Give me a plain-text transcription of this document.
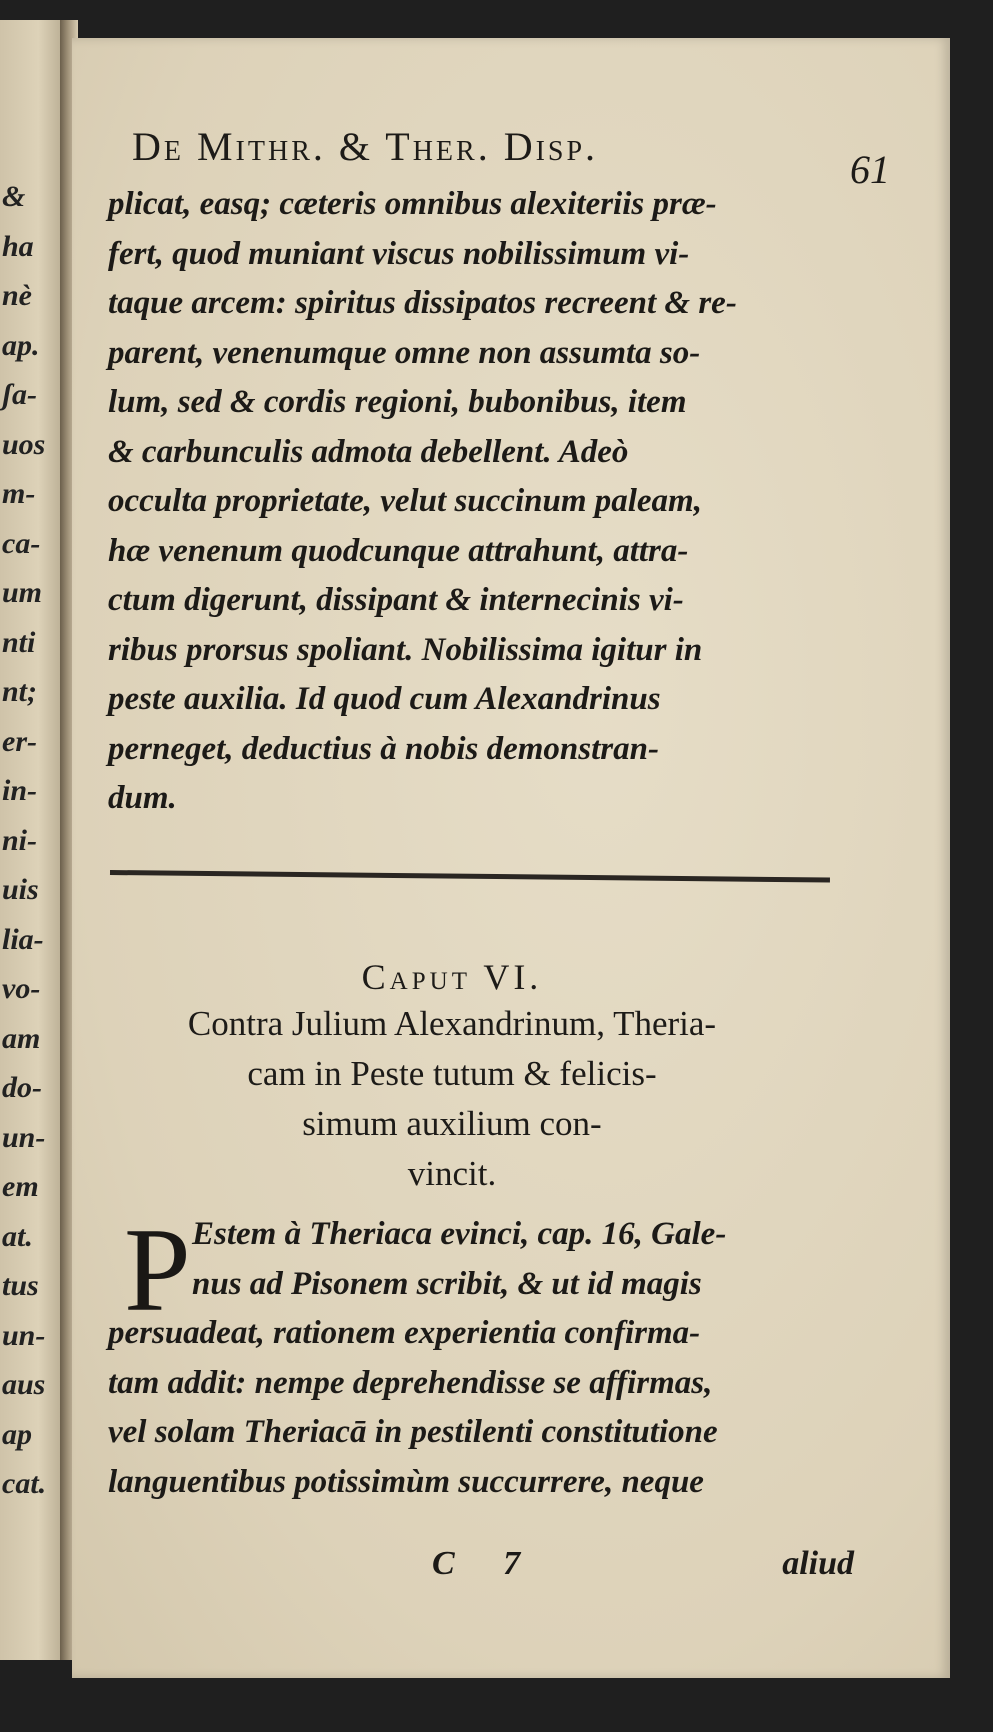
&
ha
nè
ap.
ʃa-
uos
m-
ca-
um
nti
nt;
er-
in-
ni-
uis
lia-
vo-
am
do-
un-
em
at.
tus
un-
aus
ap
cat.
De Mithr. & Ther. Disp.
61
plicat, easq; cæteris omnibus alexiteriis præ-
fert, quod muniant viscus nobilissimum vi-
taque arcem: spiritus dissipatos recreent & re-
parent, venenumque omne non assumta so-
lum, sed & cordis regioni, bubonibus, item
& carbunculis admota debellent. Adeò
occulta proprietate, velut succinum paleam,
hæ venenum quodcunque attrahunt, attra-
ctum digerunt, dissipant & internecinis vi-
ribus prorsus spoliant. Nobilissima igitur in
peste auxilia. Id quod cum Alexandrinus
perneget, deductius à nobis demonstran-
dum.
Caput VI.
Contra Julium Alexandrinum, Theria-
cam in Peste tutum & felicis-
simum auxilium con-
vincit.
P Estem à Theriaca evinci, cap. 16, Gale-
nus ad Pisonem scribit, & ut id magis
persuadeat, rationem experientia confirma-
tam addit: nempe deprehendisse se affirmas,
vel solam Theriacā in pestilenti constitutione
languentibus potissimùm succurrere, neque
C 7	aliud
